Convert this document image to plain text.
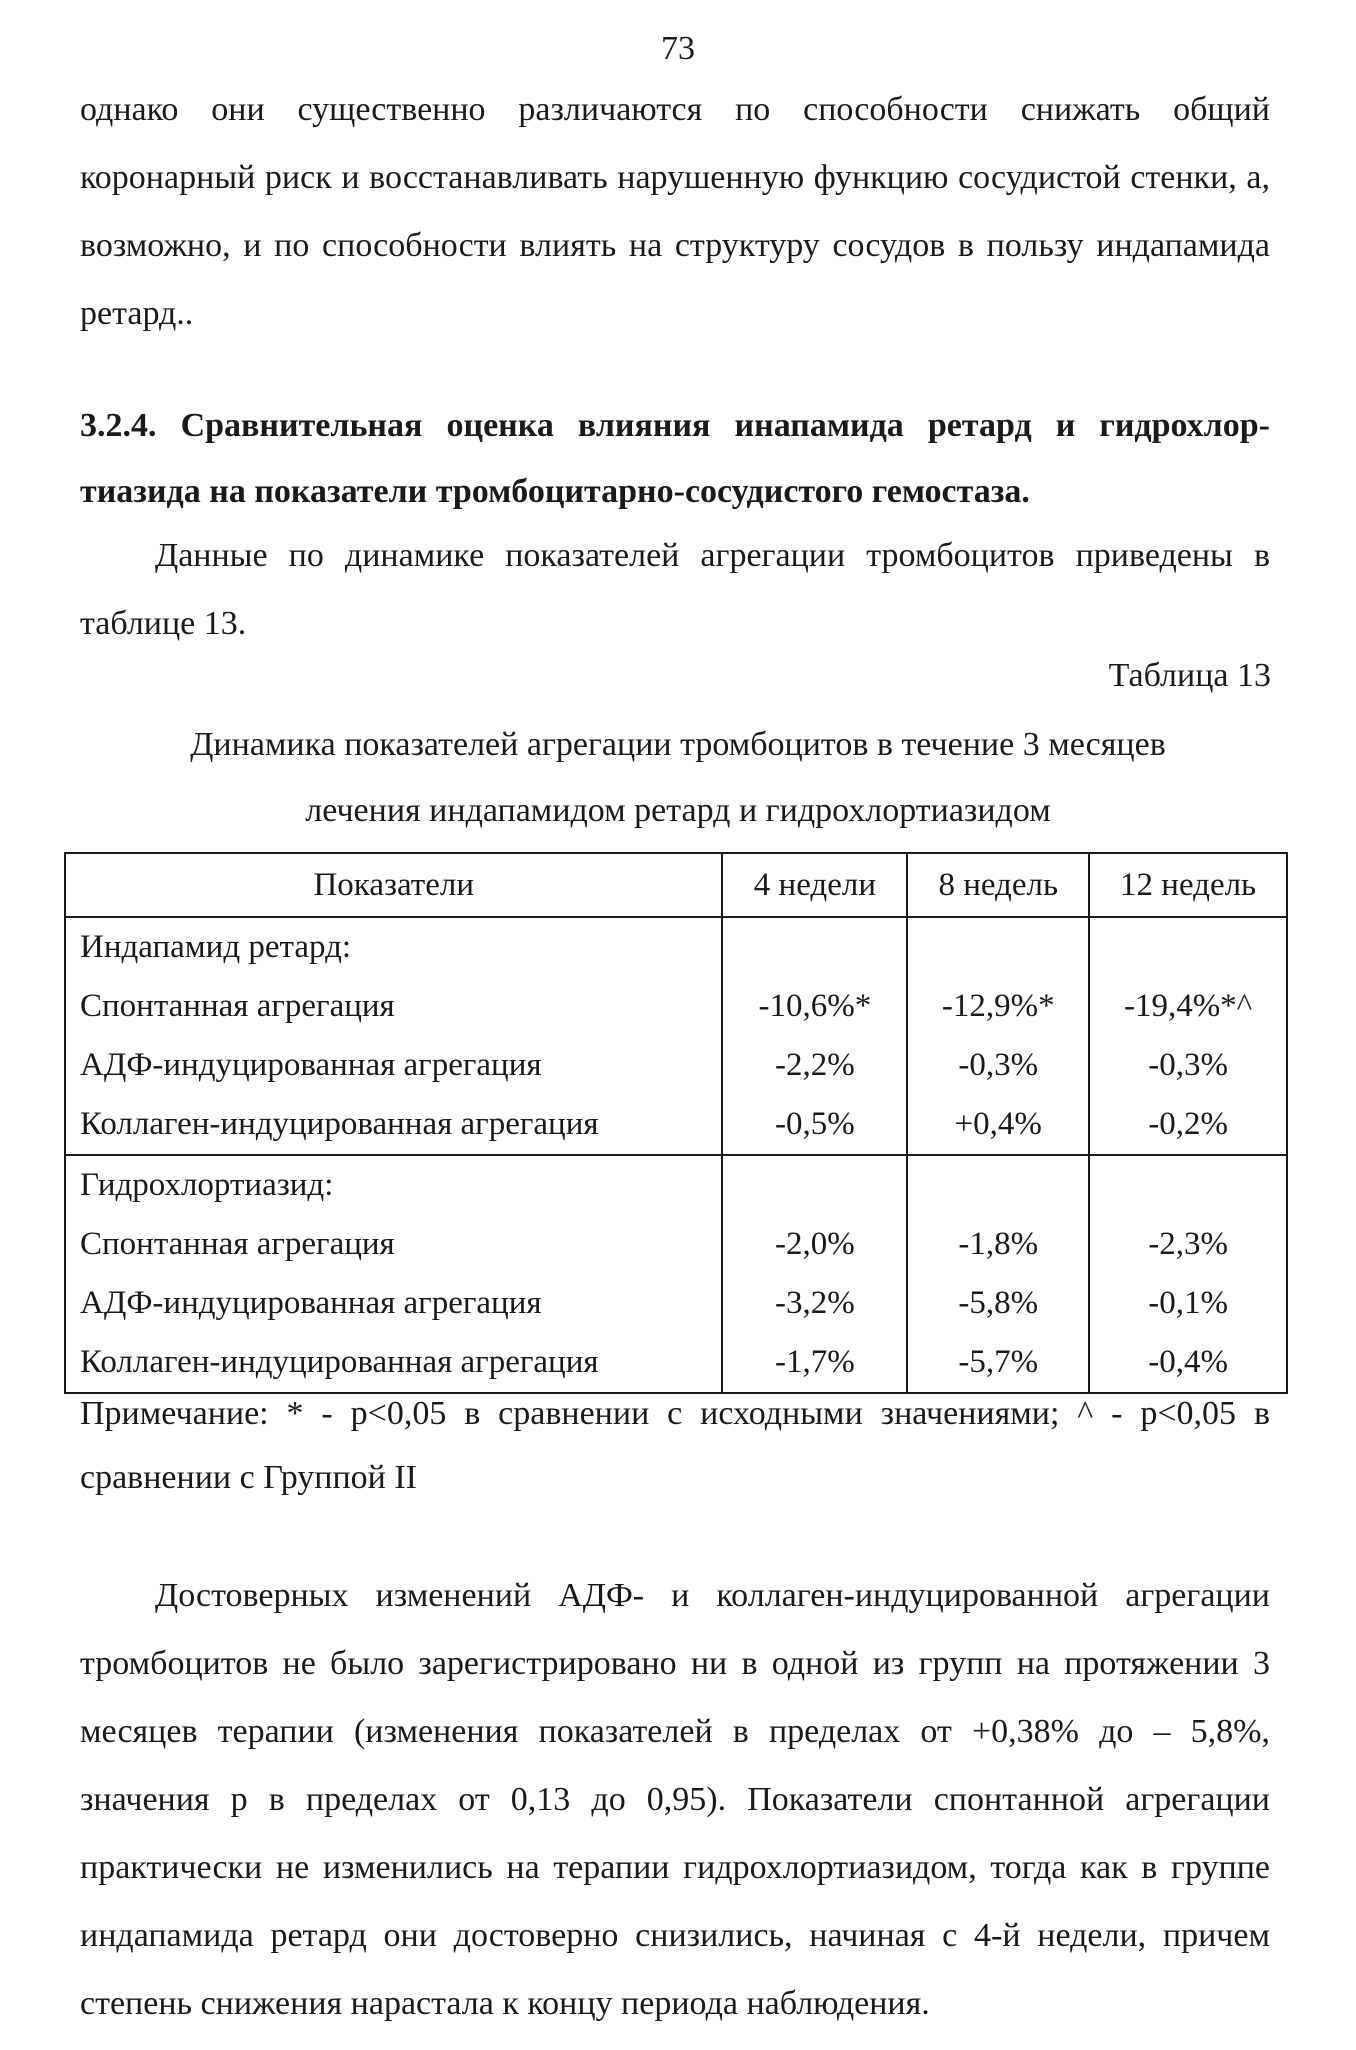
73

однако они существенно различаются по способности снижать общий коронарный риск и восстанавливать нарушенную функцию сосудистой стенки, а, возможно, и по способности влиять на структуру сосудов в пользу индапамида ретард..

3.2.4. Сравнительная оценка влияния инапамида ретард и гидрохлор-тиазида на показатели тромбоцитарно-сосудистого гемостаза.

Данные по динамике показателей агрегации тромбоцитов приведены в таблице 13.

Таблица 13
Динамика показателей агрегации тромбоцитов в течение 3 месяцев
лечения индапамидом ретард и гидрохлортиазидом
Показатели	4 недели	8 недель	12 недель
Индапамид ретард:			
Спонтанная агрегация	-10,6%*	-12,9%*	-19,4%*^
АДФ-индуцированная агрегация	-2,2%	-0,3%	-0,3%
Коллаген-индуцированная агрегация	-0,5%	+0,4%	-0,2%
Гидрохлортиазид:			
Спонтанная агрегация	-2,0%	-1,8%	-2,3%
АДФ-индуцированная агрегация	-3,2%	-5,8%	-0,1%
Коллаген-индуцированная агрегация	-1,7%	-5,7%	-0,4%

Примечание: * - p<0,05 в сравнении с исходными значениями; ^ - p<0,05 в сравнении с Группой II

Достоверных изменений АДФ- и коллаген-индуцированной агрегации тромбоцитов не было зарегистрировано ни в одной из групп на протяжении 3 месяцев терапии (изменения показателей в пределах от +0,38% до – 5,8%, значения р в пределах от 0,13 до 0,95). Показатели спонтанной агрегации практически не изменились на терапии гидрохлортиазидом, тогда как в группе индапамида ретард они достоверно снизились, начиная с 4-й недели, причем степень снижения нарастала к концу периода наблюдения.
